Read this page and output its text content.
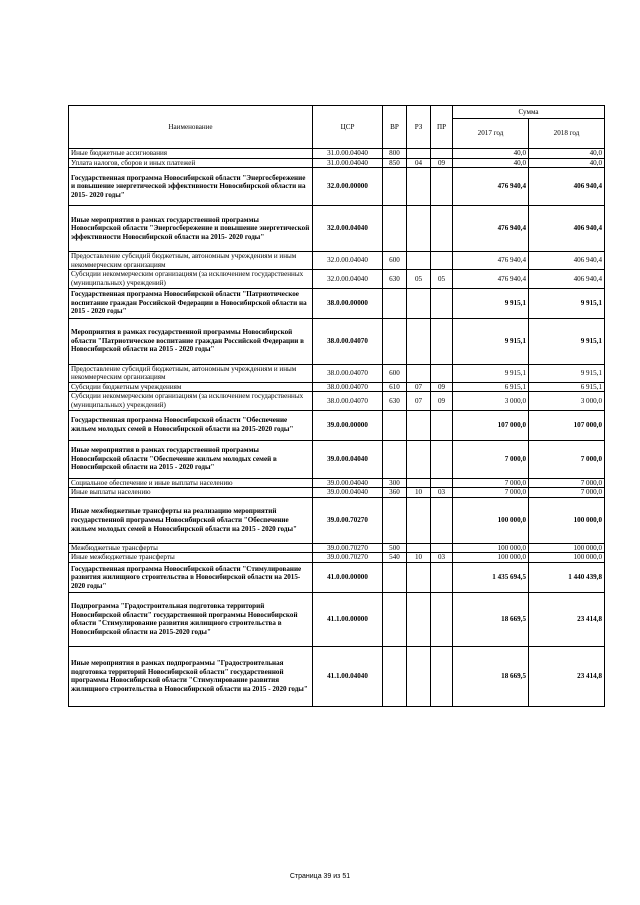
Наименование	ЦСР	ВР	РЗ	ПР	Сумма	
					2017 год	2018 год
Иные бюджетные ассигнования	31.0.00.04040	800			40,0	40,0
Уплата налогов, сборов и иных платежей	31.0.00.04040	850	04	09	40,0	40,0
Государственная программа Новосибирской области "Энергосбережение и повышение энергетической эффективности Новосибирской области на 2015- 2020 годы"	32.0.00.00000				476 940,4	406 940,4
Иные мероприятия в рамках государственной программы Новосибирской области "Энергосбережение и повышение энергетической эффективности Новосибирской области на 2015- 2020 годы"	32.0.00.04040				476 940,4	406 940,4
Предоставление субсидий бюджетным, автономным учреждениям и иным некоммерческим организациям	32.0.00.04040	600			476 940,4	406 940,4
Субсидии некоммерческим организациям (за исключением государственных (муниципальных) учреждений)	32.0.00.04040	630	05	05	476 940,4	406 940,4
Государственная программа Новосибирской области "Патриотическое воспитание граждан Российской Федерации в Новосибирской области на 2015 - 2020 годы"	38.0.00.00000				9 915,1	9 915,1
Мероприятия в рамках государственной программы Новосибирской области "Патриотическое воспитание граждан Российской Федерации в Новосибирской области на 2015 - 2020 годы"	38.0.00.04070				9 915,1	9 915,1
Предоставление субсидий бюджетным, автономным учреждениям и иным некоммерческим организациям	38.0.00.04070	600			9 915,1	9 915,1
Субсидии бюджетным учреждениям	38.0.00.04070	610	07	09	6 915,1	6 915,1
Субсидии некоммерческим организациям (за исключением государственных (муниципальных) учреждений)	38.0.00.04070	630	07	09	3 000,0	3 000,0
Государственная программа Новосибирской области "Обеспечение жильем молодых семей в Новосибирской области на 2015-2020 годы"	39.0.00.00000				107 000,0	107 000,0
Иные мероприятия в рамках государственной программы Новосибирской области "Обеспечение жильем молодых семей в Новосибирской области на 2015 - 2020 годы"	39.0.00.04040				7 000,0	7 000,0
Социальное обеспечение и иные выплаты населению	39.0.00.04040	300			7 000,0	7 000,0
Иные выплаты населению	39.0.00.04040	360	10	03	7 000,0	7 000,0
Иные межбюджетные трансферты на реализацию мероприятий государственной программы Новосибирской области "Обеспечение жильем молодых семей в Новосибирской области на 2015 - 2020 годы"	39.0.00.70270				100 000,0	100 000,0
Межбюджетные трансферты	39.0.00.70270	500			100 000,0	100 000,0
Иные межбюджетные трансферты	39.0.00.70270	540	10	03	100 000,0	100 000,0
Государственная программа Новосибирской области "Стимулирование развития жилищного строительства в Новосибирской области на 2015-2020 годы"	41.0.00.00000				1 435 694,5	1 440 439,8
Подпрограмма "Градостроительная подготовка территорий Новосибирской области" государственной программы Новосибирской области "Стимулирование развития жилищного строительства в Новосибирской области на 2015-2020 годы"	41.1.00.00000				18 669,5	23 414,8
Иные мероприятия в рамках подпрограммы "Градостроительная подготовка территорий Новосибирской области" государственной программы Новосибирской области "Стимулирование развития жилищного строительства в Новосибирской области на 2015 - 2020 годы"	41.1.00.04040				18 669,5	23 414,8
Страница 39 из 51
